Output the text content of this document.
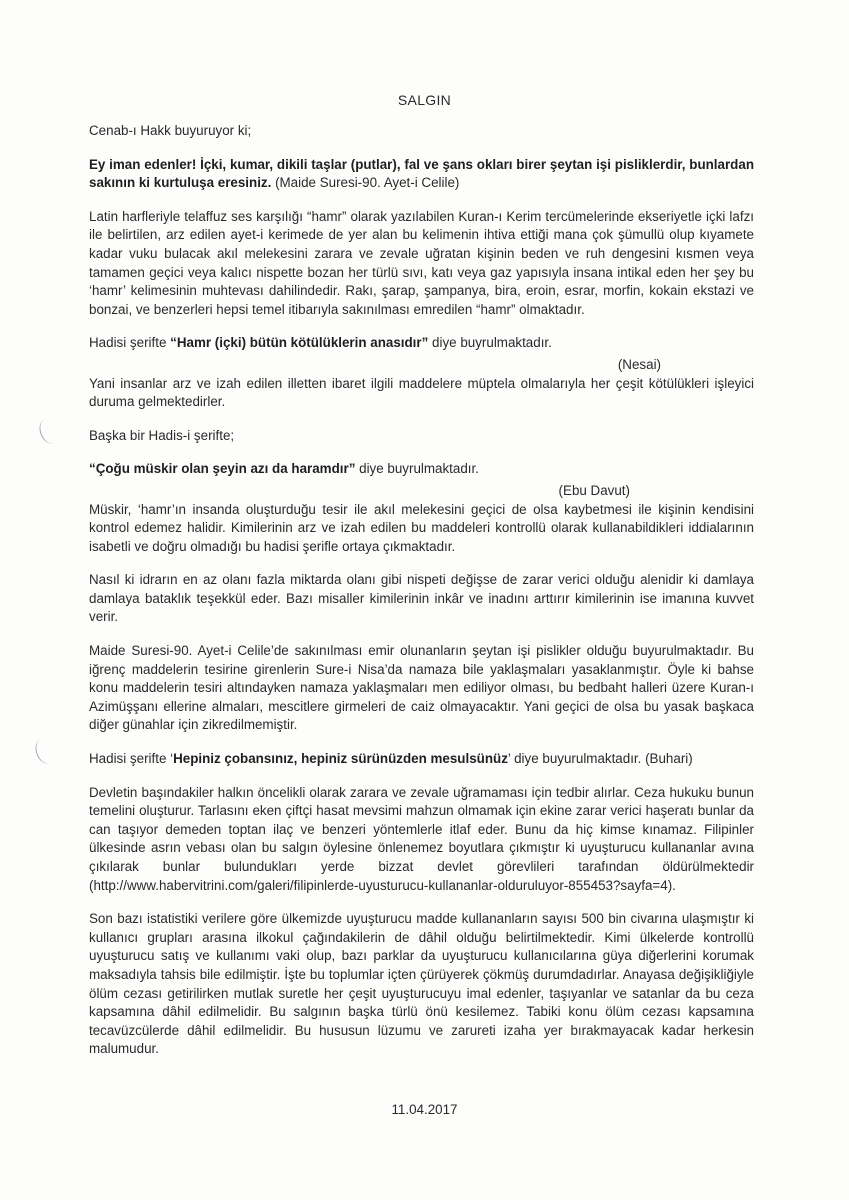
SALGIN

Cenab-ı Hakk buyuruyor ki;

Ey iman edenler! İçki, kumar, dikili taşlar (putlar), fal ve şans okları birer şeytan işi pisliklerdir, bunlardan sakının ki kurtuluşa eresiniz. (Maide Suresi-90. Ayet-i Celile)

Latin harfleriyle telaffuz ses karşılığı “hamr” olarak yazılabilen Kuran-ı Kerim tercümelerinde ekseriyetle içki lafzı ile belirtilen, arz edilen ayet-i kerimede de yer alan bu kelimenin ihtiva ettiği mana çok şümullü olup kıyamete kadar vuku bulacak akıl melekesini zarara ve zevale uğratan kişinin beden ve ruh dengesini kısmen veya tamamen geçici veya kalıcı nispette bozan her türlü sıvı, katı veya gaz yapısıyla insana intikal eden her şey bu ‘hamr’ kelimesinin muhtevası dahilindedir. Rakı, şarap, şampanya, bira, eroin, esrar, morfin, kokain ekstazi ve bonzai, ve benzerleri hepsi temel itibarıyla sakınılması emredilen “hamr” olmaktadır.

Hadisi şerifte “Hamr (içki) bütün kötülüklerin anasıdır” diye buyrulmaktadır.

(Nesai)

Yani insanlar arz ve izah edilen illetten ibaret ilgili maddelere müptela olmalarıyla her çeşit kötülükleri işleyici duruma gelmektedirler.

Başka bir Hadis-i şerifte;

“Çoğu müskir olan şeyin azı da haramdır” diye buyrulmaktadır.

(Ebu Davut)

Müskir, ‘hamr’ın insanda oluşturduğu tesir ile akıl melekesini geçici de olsa kaybetmesi ile kişinin kendisini kontrol edemez halidir. Kimilerinin arz ve izah edilen bu maddeleri kontrollü olarak kullanabildikleri iddialarının isabetli ve doğru olmadığı bu hadisi şerifle ortaya çıkmaktadır.

Nasıl ki idrarın en az olanı fazla miktarda olanı gibi nispeti değişse de zarar verici olduğu alenidir ki damlaya damlaya bataklık teşekkül eder. Bazı misaller kimilerinin inkâr ve inadını arttırır kimilerinin ise imanına kuvvet verir.

Maide Suresi-90. Ayet-i Celile’de sakınılması emir olunanların şeytan işi pislikler olduğu buyurulmaktadır. Bu iğrenç maddelerin tesirine girenlerin Sure-i Nisa’da namaza bile yaklaşmaları yasaklanmıştır. Öyle ki bahse konu maddelerin tesiri altındayken namaza yaklaşmaları men ediliyor olması, bu bedbaht halleri üzere Kuran-ı Azimüşşanı ellerine almaları, mescitlere girmeleri de caiz olmayacaktır. Yani geçici de olsa bu yasak başkaca diğer günahlar için zikredilmemiştir.

Hadisi şerifte ‘Hepiniz çobansınız, hepiniz sürünüzden mesulsünüz’ diye buyurulmaktadır. (Buhari)

Devletin başındakiler halkın öncelikli olarak zarara ve zevale uğramaması için tedbir alırlar. Ceza hukuku bunun temelini oluşturur. Tarlasını eken çiftçi hasat mevsimi mahzun olmamak için ekine zarar verici haşeratı bunlar da can taşıyor demeden toptan ilaç ve benzeri yöntemlerle itlaf eder. Bunu da hiç kimse kınamaz. Filipinler ülkesinde asrın vebası olan bu salgın öylesine önlenemez boyutlara çıkmıştır ki uyuşturucu kullananlar avına çıkılarak bunlar bulundukları yerde bizzat devlet görevlileri tarafından öldürülmektedir (http://www.habervitrini.com/galeri/filipinlerde-uyusturucu-kullananlar-olduruluyor-855453?sayfa=4).

Son bazı istatistiki verilere göre ülkemizde uyuşturucu madde kullananların sayısı 500 bin civarına ulaşmıştır ki kullanıcı grupları arasına ilkokul çağındakilerin de dâhil olduğu belirtilmektedir. Kimi ülkelerde kontrollü uyuşturucu satış ve kullanımı vaki olup, bazı parklar da uyuşturucu kullanıcılarına güya diğerlerini korumak maksadıyla tahsis bile edilmiştir. İşte bu toplumlar içten çürüyerek çökmüş durumdadırlar. Anayasa değişikliğiyle ölüm cezası getirilirken mutlak suretle her çeşit uyuşturucuyu imal edenler, taşıyanlar ve satanlar da bu ceza kapsamına dâhil edilmelidir. Bu salgının başka türlü önü kesilemez. Tabiki konu ölüm cezası kapsamına tecavüzcülerde dâhil edilmelidir. Bu hususun lüzumu ve zarureti izaha yer bırakmayacak kadar herkesin malumudur.

11.04.2017
